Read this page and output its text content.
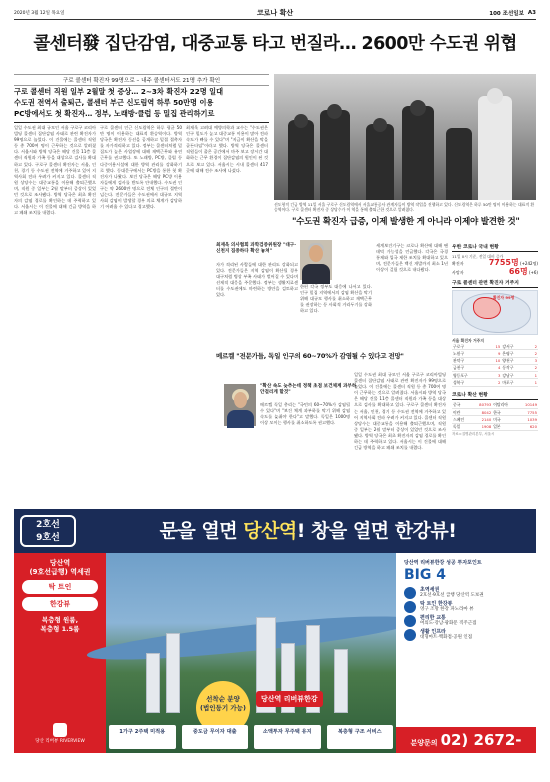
2020년 3월 12일 목요일	코로나 확산	100 조선일보 A3
콜센터發 집단감염, 대중교통 타고 번질라… 2600만 수도권 위협
구로 콜센터 확진자 99명으로 – 내주 콜센터서도 21명 추가 확인
구로 콜센터 직원 일부 2월말 첫 증상… 2~3차 확진자 22명 일대
수도권 전역서 출퇴근, 콜센터 부근 신도림역 하루 50만명 이용
PC방에서도 첫 확진자… 정부, 노래방·클럽 등 밀집 관리하기로

일일 수도권 최대 규모인 서울 구로구 코리아빌딩 콜센터 집단감염 사태로 관련 확진자가 99명으로 늘었다. 이 건물에는 콜센터 직원 등 총 700여 명이 근무하는 것으로 알려졌다. 서울시와 방역 당국은 해당 건물 11층 콜센터 직원과 가족 등을 대상으로 검사를 확대하고 있다. 구로구 콜센터 확진자는 서울, 인천, 경기 등 수도권 전역에 거주하고 있어 지역사회 전파 우려가 커지고 있다. 콜센터 직원 상당수는 대중교통을 이용해 출퇴근했으며, 직원 중 일부는 2월 말부터 증상이 있었던 것으로 조사됐다. 방역 당국은 최초 확진자의 감염 경로를 확인하는 데 주력하고 있다. 서울시는 이 건물에 대해 긴급 방역을 하고 폐쇄 조치를 내렸다.

구로 콜센터 인근 신도림역은 하루 평균 50만 명이 이용하는 대표적 환승역이다. 방역 당국은 확진자 동선을 공개하고 밀접 접촉자를 자가격리하고 있다. 정부는 콜센터처럼 밀집도가 높은 사업장에 대해 재택근무와 유연근무를 권고했다. 또 노래방, PC방, 클럽 등 다중이용시설에 대한 방역 관리를 강화하기로 했다. 동대문구에서는 PC방을 통한 첫 확진자가 나왔다. 보건 당국은 해당 PC방 이용자들에게 검사를 받도록 안내했다. 수도권 인구는 약 2600만 명으로 전체 인구의 절반이 넘는다. 전문가들은 수도권에서 대규모 지역사회 감염이 발생할 경우 의료 체계가 감당하기 어려울 수 있다고 경고했다.

최재욱 고려대 예방의학과 교수는 "수도권은 인구 밀도가 높고 대중교통 이용이 많아 전파 속도가 빠를 수 있다"며 "지금이 확산을 막을 골든타임"이라고 했다. 방역 당국은 콜센터 직원들이 좁은 공간에서 마주 보고 장시간 대화하는 근무 환경이 집단감염의 원인이 된 것으로 보고 있다. 서울시는 시내 콜센터 417곳에 대해 전수 조사에 나섰다.

선도형적 긴급 방역 11일 서울 구로구 신도림역에서 서울교통공사 관계자들이 방역 작업을 진행하고 있다. 신도림역은 하루 50만 명이 이용하는 대표적 환승역이다. 구로 콜센터 확진자 중 상당수가 이 역을 통해 출퇴근한 것으로 알려졌다.
"수도권 확진자 급증, 이제 발생한 게 아니라 이제야 발견한 것"
최재욱 의사협회 과학검증위원장 "대구·신천지 집중하다 확산 놓쳐"

자가 격리된 사람들에 대한 관리도 강화되고 있다. 전문가들은 지역 감염이 확산될 경우 대구처럼 병상 부족 사태가 벌어질 수 있다며 선제적 대응을 주문했다. 정부는 생활치료센터를 수도권에도 마련하는 방안을 검토하고 있다.

한편 각국 정부도 대응에 나서고 있다. 인구 밀집 지역에서의 감염 확산을 막기 위해 대규모 행사를 취소하고 재택근무를 권장하는 등 사회적 거리두기를 강화하고 있다.

세계보건기구는 코로나 확산에 대해 팬데믹 가능성을 언급했다. 각국은 국경 통제와 입국 제한 조치를 확대하고 있으며, 전문가들은 백신 개발까지 최소 1년 이상이 걸릴 것으로 내다봤다.

메르켈 "전문가들, 독일 인구의 60~70%가 감염될 수 있다고 전망"
"확산 속도 늦추는데 정책 초점 보건체계 과부하 안걸리게 할것"

메르켈 독일 총리는 "국민의 60~70%가 감염될 수 있다"며 "보건 체계 과부하를 막기 위해 감염 속도를 늦춰야 한다"고 말했다. 독일은 1000명 이상 모이는 행사를 취소하도록 권고했다.

일일 수도권 최대 규모인 서울 구로구 코리아빌딩 콜센터 집단감염 사태로 관련 확진자가 99명으로 늘었다. 이 건물에는 콜센터 직원 등 총 700여 명이 근무하는 것으로 알려졌다. 서울시와 방역 당국은 해당 건물 11층 콜센터 직원과 가족 등을 대상으로 검사를 확대하고 있다. 구로구 콜센터 확진자는 서울, 인천, 경기 등 수도권 전역에 거주하고 있어 지역사회 전파 우려가 커지고 있다. 콜센터 직원 상당수는 대중교통을 이용해 출퇴근했으며, 직원 중 일부는 2월 말부터 증상이 있었던 것으로 조사됐다. 방역 당국은 최초 확진자의 감염 경로를 확인하는 데 주력하고 있다. 서울시는 이 건물에 대해 긴급 방역을 하고 폐쇄 조치를 내렸다.

우한 코로나 국내 현황
11일 0시 기준, 전일 대비 증가
확진자	7755명 (+242명)
사망자	66명 (+6)
구로 콜센터 관련 확진자 거주지
확진자 99명
서울 확진자 거주지
구로구	15	강서구	2
노원구	9	은평구	2
관악구	10	양천구	3
금천구	4	동작구	2
영등포구	3	강남구	1
성북구	2	마포구	1
코로나 확산 현황
중국	80793	이탈리아	10149
이란	8042	한국	7755
스페인	2140	미국	1039
독일	1908	일본	620
자료=질병관리본부, 서울시
2호선
9호선	문을 열면 당산역! 창을 열면 한강뷰!
당산역
(9호선급행) 역세권
탁 트인
한강뷰
복층형 원룸,
복층형 1.5룸
당산 리버뷰 RIVERVIEW
선착순 분양
(법인등기 가능)
당산역 리버뷰한강
1가구 2주택 미적용	중도금 무이자 대출	소액투자 무주택 유지	복층형 구조 서비스
당산역 리버뷰한강 성공 투자포인트
BIG 4
초역세권
2호선·9호선 급행 당산역 도보권
탁 트인 한강뷰
영구 조망 한강 파노라마 뷰
편리한 교통
여의도·강남·광화문 직주근접
생활 인프라
대형마트·백화점·공원 인접
분양문의 02) 2672-3133
